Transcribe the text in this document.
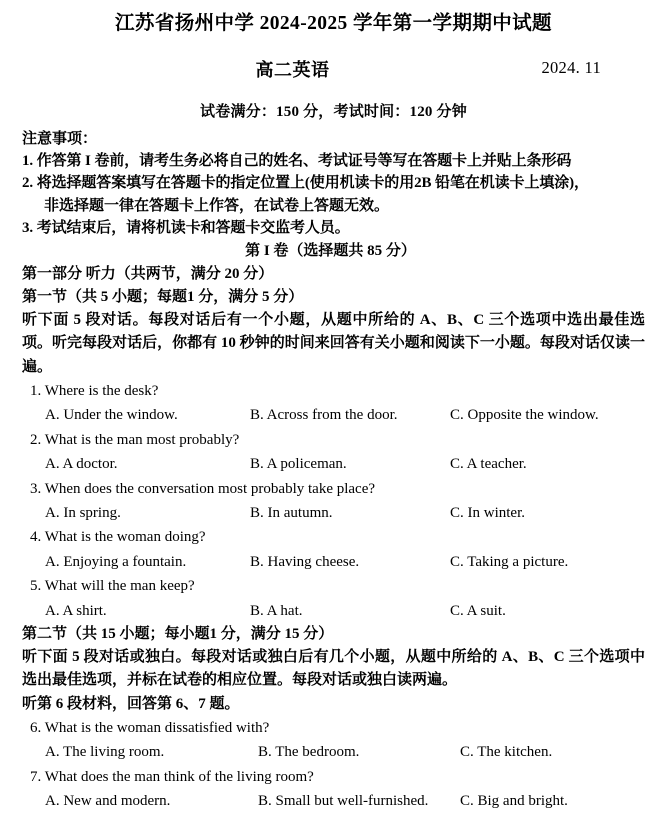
江苏省扬州中学 2024-2025 学年第一学期期中试题
高二英语	2024. 11
试卷满分：150 分，考试时间：120 分钟
注意事项：
1. 作答第 I 卷前，请考生务必将自己的姓名、考试证号等写在答题卡上并贴上条形码
2. 将选择题答案填写在答题卡的指定位置上(使用机读卡的用2B 铅笔在机读卡上填涂)，
非选择题一律在答题卡上作答，在试卷上答题无效。
3. 考试结束后，请将机读卡和答题卡交监考人员。
第 I 卷（选择题共 85 分）
第一部分 听力（共两节，满分 20 分）
第一节（共 5 小题；每题1 分，满分 5 分）
听下面 5 段对话。每段对话后有一个小题，从题中所给的 A、B、C 三个选项中选出最佳选项。听完每段对话后，你都有 10 秒钟的时间来回答有关小题和阅读下一小题。每段对话仅读一遍。
1. Where is the desk?
A. Under the window.	B. Across from the door.	C. Opposite the window.
2. What is the man most probably?
A. A doctor.	B. A policeman.	C. A teacher.
3. When does the conversation most probably take place?
A. In spring.	B. In autumn.	C. In winter.
4. What is the woman doing?
A. Enjoying a fountain.	B. Having cheese.	C. Taking a picture.
5. What will the man keep?
A. A shirt.	B. A hat.	C. A suit.
第二节（共 15 小题；每小题1 分，满分 15 分）
听下面 5 段对话或独白。每段对话或独白后有几个小题，从题中所给的 A、B、C 三个选项中选出最佳选项，并标在试卷的相应位置。每段对话或独白读两遍。
听第 6 段材料，回答第 6、7 题。
6. What is the woman dissatisfied with?
A. The living room.	B. The bedroom.	C. The kitchen.
7. What does the man think of the living room?
A. New and modern.	B. Small but well-furnished. C. Big and bright.
